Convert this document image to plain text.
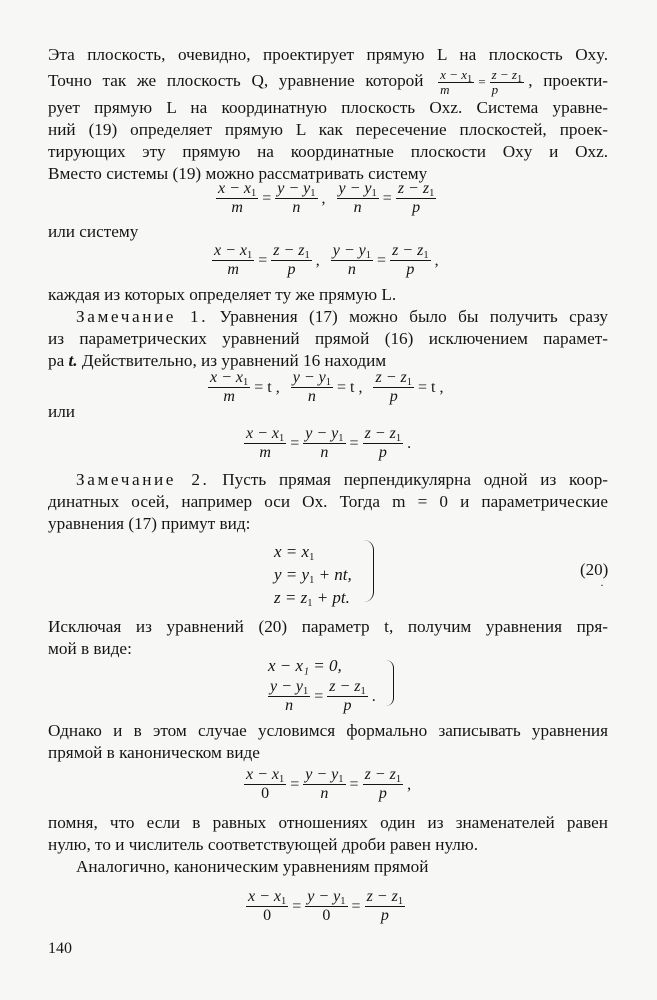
Эта плоскость, очевидно, проектирует прямую L на плоскость Oxy.

Точно так же плоскость Q, уравнение которой $\frac{x - x_1}{m} = \frac{z - z_1}{p}$ , проекти-

рует прямую L на координатную плоскость Oxz. Система уравне-

ний (19) определяет прямую L как пересечение плоскостей, проек-

тирующих эту прямую на координатные плоскости Oxy и Oxz.

Вместо системы (19) можно рассматривать систему

$\frac{x - x_1}{m} = \frac{y - y_1}{n}$ , $\frac{y - y_1}{n} = \frac{z - z_1}{p}$

или систему

$\frac{x - x_1}{m} = \frac{z - z_1}{p}$ , $\frac{y - y_1}{n} = \frac{z - z_1}{p}$ ,

каждая из которых определяет ту же прямую L.

Замечание 1. Уравнения (17) можно было бы получить сразу

из параметрических уравнений прямой (16) исключением парамет-

ра t. Действительно, из уравнений 16 находим

$\frac{x - x_1}{m} = t$ , $\frac{y - y_1}{n} = t$ , $\frac{z - z_1}{p} = t$ ,

или

$\frac{x - x_1}{m} = \frac{y - y_1}{n} = \frac{z - z_1}{p}$ .

Замечание 2. Пусть прямая перпендикулярна одной из коор-

динатных осей, например оси Ox. Тогда m = 0 и параметрические

уравнения (17) примут вид:

$x = x_1$
$y = y_1$ + nt,
$z = z_1$ + pt.
(20)
·

Исключая из уравнений (20) параметр t, получим уравнения пря-

мой в виде:

x − x₁ = 0,
$\frac{y - y_1}{n} = \frac{z - z_1}{p}$ .

Однако и в этом случае условимся формально записывать уравнения

прямой в каноническом виде

$\frac{x - x_1}{0} = \frac{y - y_1}{n} = \frac{z - z_1}{p}$ ,

помня, что если в равных отношениях один из знаменателей равен

нулю, то и числитель соответствующей дроби равен нулю.

Аналогично, каноническим уравнениям прямой

$\frac{x - x_1}{0} = \frac{y - y_1}{0} = \frac{z - z_1}{p}$
140
